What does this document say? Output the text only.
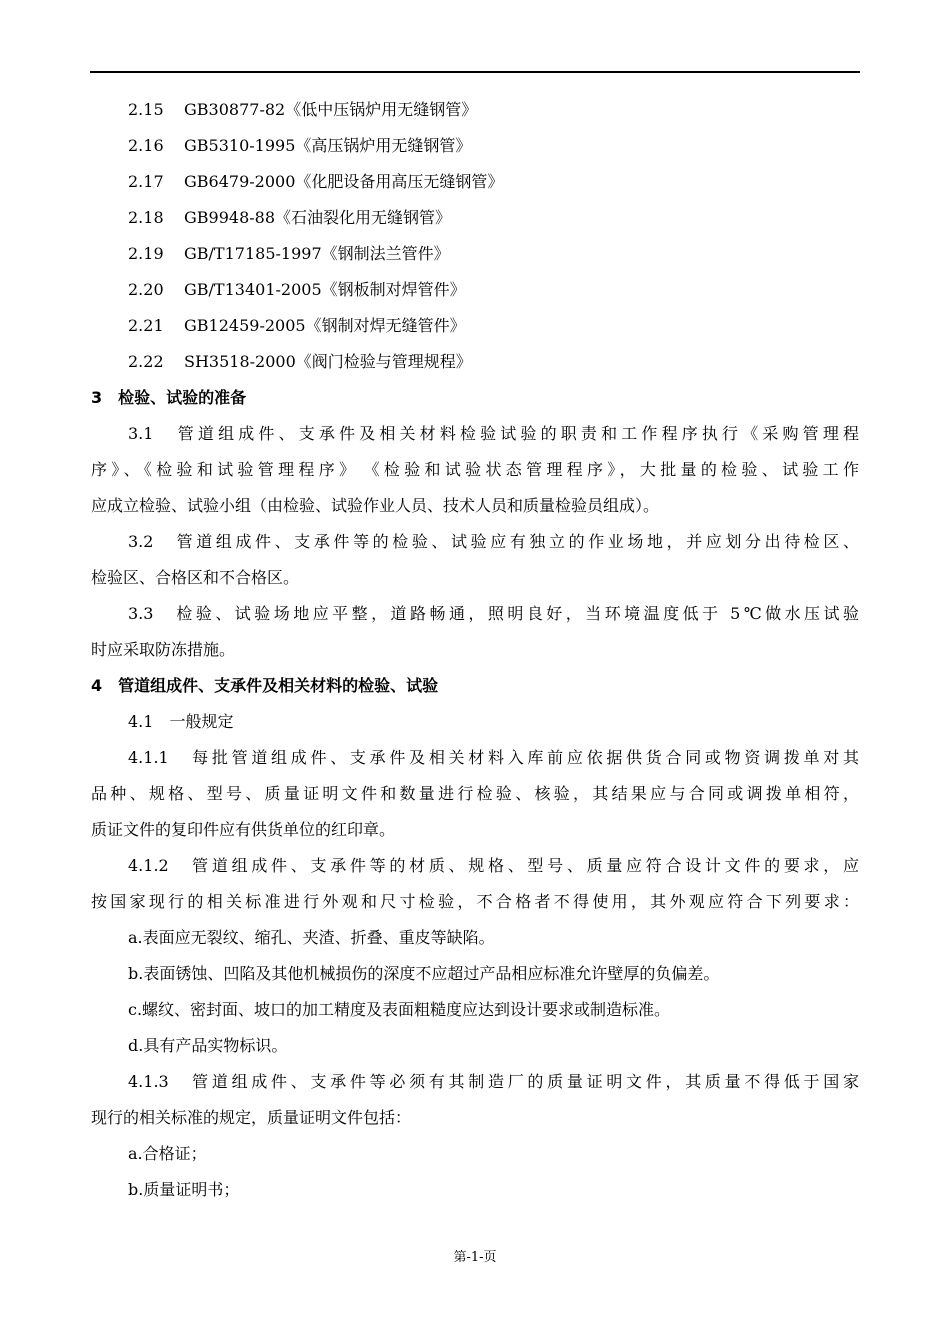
2.15 GB30877-82《低中压锅炉用无缝钢管》
2.16 GB5310-1995《高压锅炉用无缝钢管》
2.17 GB6479-2000《化肥设备用高压无缝钢管》
2.18 GB9948-88《石油裂化用无缝钢管》
2.19 GB/T17185-1997《钢制法兰管件》
2.20 GB/T13401-2005《钢板制对焊管件》
2.21 GB12459-2005《钢制对焊无缝管件》
2.22 SH3518-2000《阀门检验与管理规程》
3　检验、试验的准备
3.1　管道组成件、支承件及相关材料检验试验的职责和工作程序执行《采购管理程
序》、《检验和试验管理程序》　《检验和试验状态管理程序》，大批量的检验、试验工作
应成立检验、试验小组（由检验、试验作业人员、技术人员和质量检验员组成）。
3.2　管道组成件、支承件等的检验、试验应有独立的作业场地，并应划分出待检区、
检验区、合格区和不合格区。
3.3　检验、试验场地应平整，道路畅通，照明良好，当环境温度低于 5℃做水压试验
时应采取防冻措施。
4　管道组成件、支承件及相关材料的检验、试验
4.1　一般规定
4.1.1　每批管道组成件、支承件及相关材料入库前应依据供货合同或物资调拨单对其
品种、规格、型号、质量证明文件和数量进行检验、核验，其结果应与合同或调拨单相符，
质证文件的复印件应有供货单位的红印章。
4.1.2　管道组成件、支承件等的材质、规格、型号、质量应符合设计文件的要求，应
按国家现行的相关标准进行外观和尺寸检验，不合格者不得使用，其外观应符合下列要求：
a.表面应无裂纹、缩孔、夹渣、折叠、重皮等缺陷。
b.表面锈蚀、凹陷及其他机械损伤的深度不应超过产品相应标准允许壁厚的负偏差。
c.螺纹、密封面、坡口的加工精度及表面粗糙度应达到设计要求或制造标准。
d.具有产品实物标识。
4.1.3　管道组成件、支承件等必须有其制造厂的质量证明文件，其质量不得低于国家
现行的相关标准的规定，质量证明文件包括：
a.合格证；
b.质量证明书；
第-1-页
